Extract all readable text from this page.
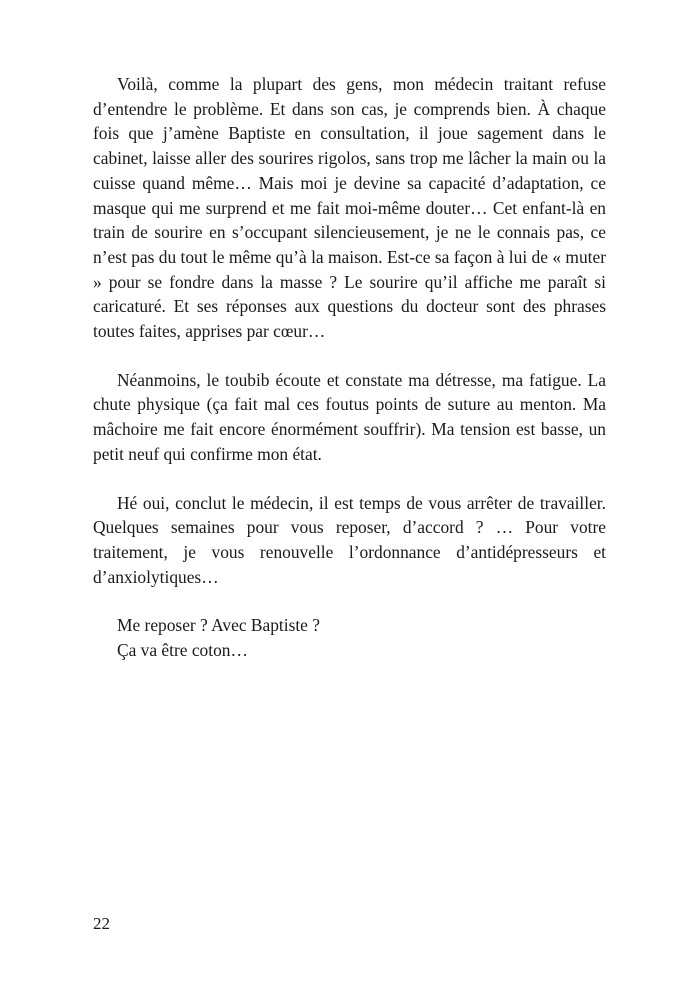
Voilà, comme la plupart des gens, mon médecin traitant refuse d’entendre le problème. Et dans son cas, je comprends bien. À chaque fois que j’amène Baptiste en consultation, il joue sagement dans le cabinet, laisse aller des sourires rigolos, sans trop me lâcher la main ou la cuisse quand même… Mais moi je devine sa capacité d’adaptation, ce masque qui me surprend et me fait moi-même douter… Cet enfant-là en train de sourire en s’occupant silencieusement, je ne le connais pas, ce n’est pas du tout le même qu’à la maison. Est-ce sa façon à lui de « muter » pour se fondre dans la masse ? Le sourire qu’il affiche me paraît si caricaturé. Et ses réponses aux questions du docteur sont des phrases toutes faites, apprises par cœur…

Néanmoins, le toubib écoute et constate ma détresse, ma fatigue. La chute physique (ça fait mal ces foutus points de suture au menton. Ma mâchoire me fait encore énormément souffrir). Ma tension est basse, un petit neuf qui confirme mon état.

Hé oui, conclut le médecin, il est temps de vous arrêter de travailler. Quelques semaines pour vous reposer, d’accord ? … Pour votre traitement, je vous renouvelle l’ordonnance d’antidépresseurs et d’anxiolytiques…

Me reposer ? Avec Baptiste ?

Ça va être coton…

22
